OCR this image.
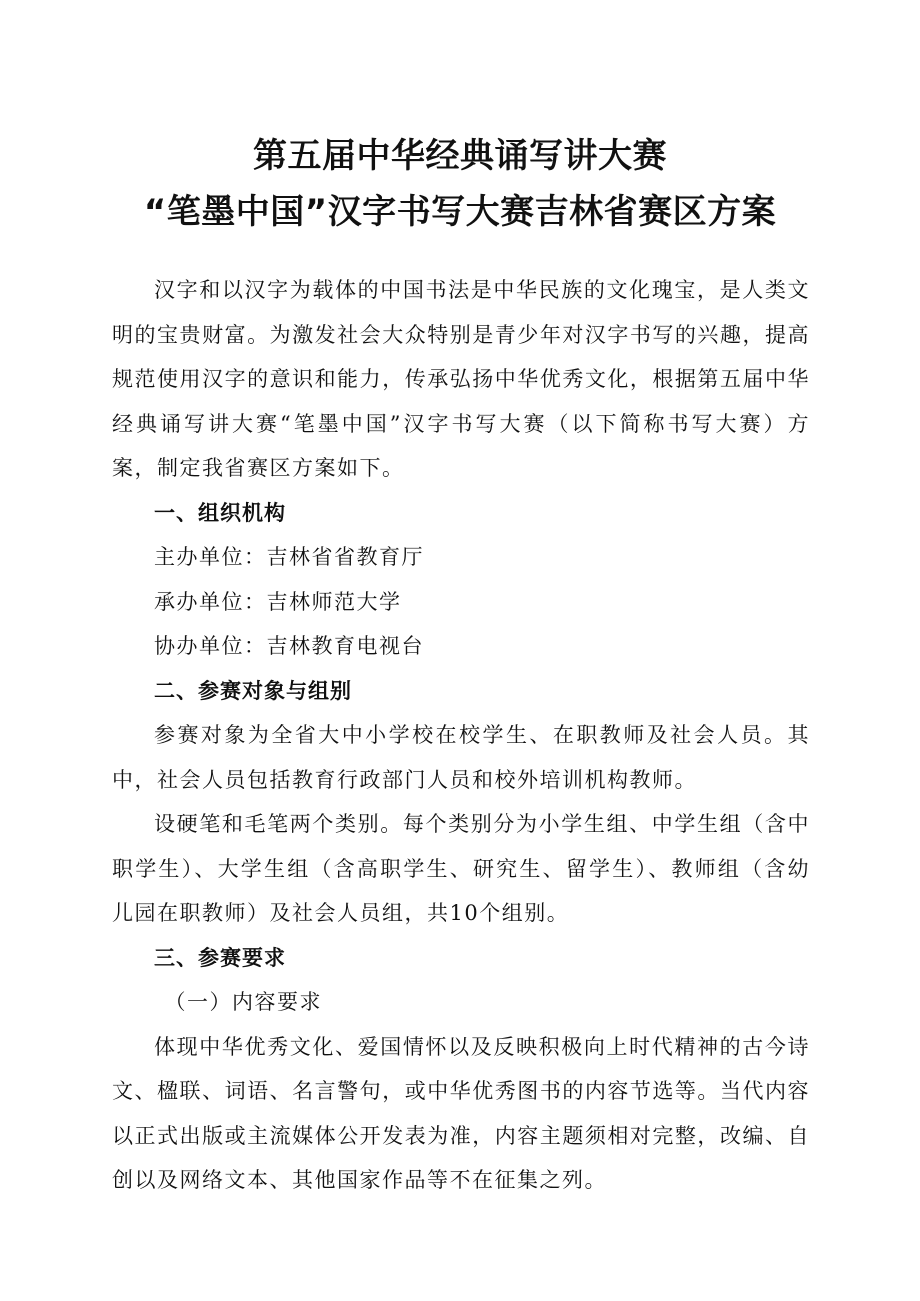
第五届中华经典诵写讲大赛
“笔墨中国”汉字书写大赛吉林省赛区方案

汉字和以汉字为载体的中国书法是中华民族的文化瑰宝，是人类文明的宝贵财富。为激发社会大众特别是青少年对汉字书写的兴趣，提高规范使用汉字的意识和能力，传承弘扬中华优秀文化，根据第五届中华经典诵写讲大赛“笔墨中国”汉字书写大赛（以下简称书写大赛）方案，制定我省赛区方案如下。

一、组织机构

主办单位：吉林省省教育厅

承办单位：吉林师范大学

协办单位：吉林教育电视台

二、参赛对象与组别

参赛对象为全省大中小学校在校学生、在职教师及社会人员。其中，社会人员包括教育行政部门人员和校外培训机构教师。

设硬笔和毛笔两个类别。每个类别分为小学生组、中学生组（含中职学生）、大学生组（含高职学生、研究生、留学生）、教师组（含幼儿园在职教师）及社会人员组，共10个组别。

三、参赛要求

（一）内容要求

体现中华优秀文化、爱国情怀以及反映积极向上时代精神的古今诗文、楹联、词语、名言警句，或中华优秀图书的内容节选等。当代内容以正式出版或主流媒体公开发表为准，内容主题须相对完整，改编、自创以及网络文本、其他国家作品等不在征集之列。
